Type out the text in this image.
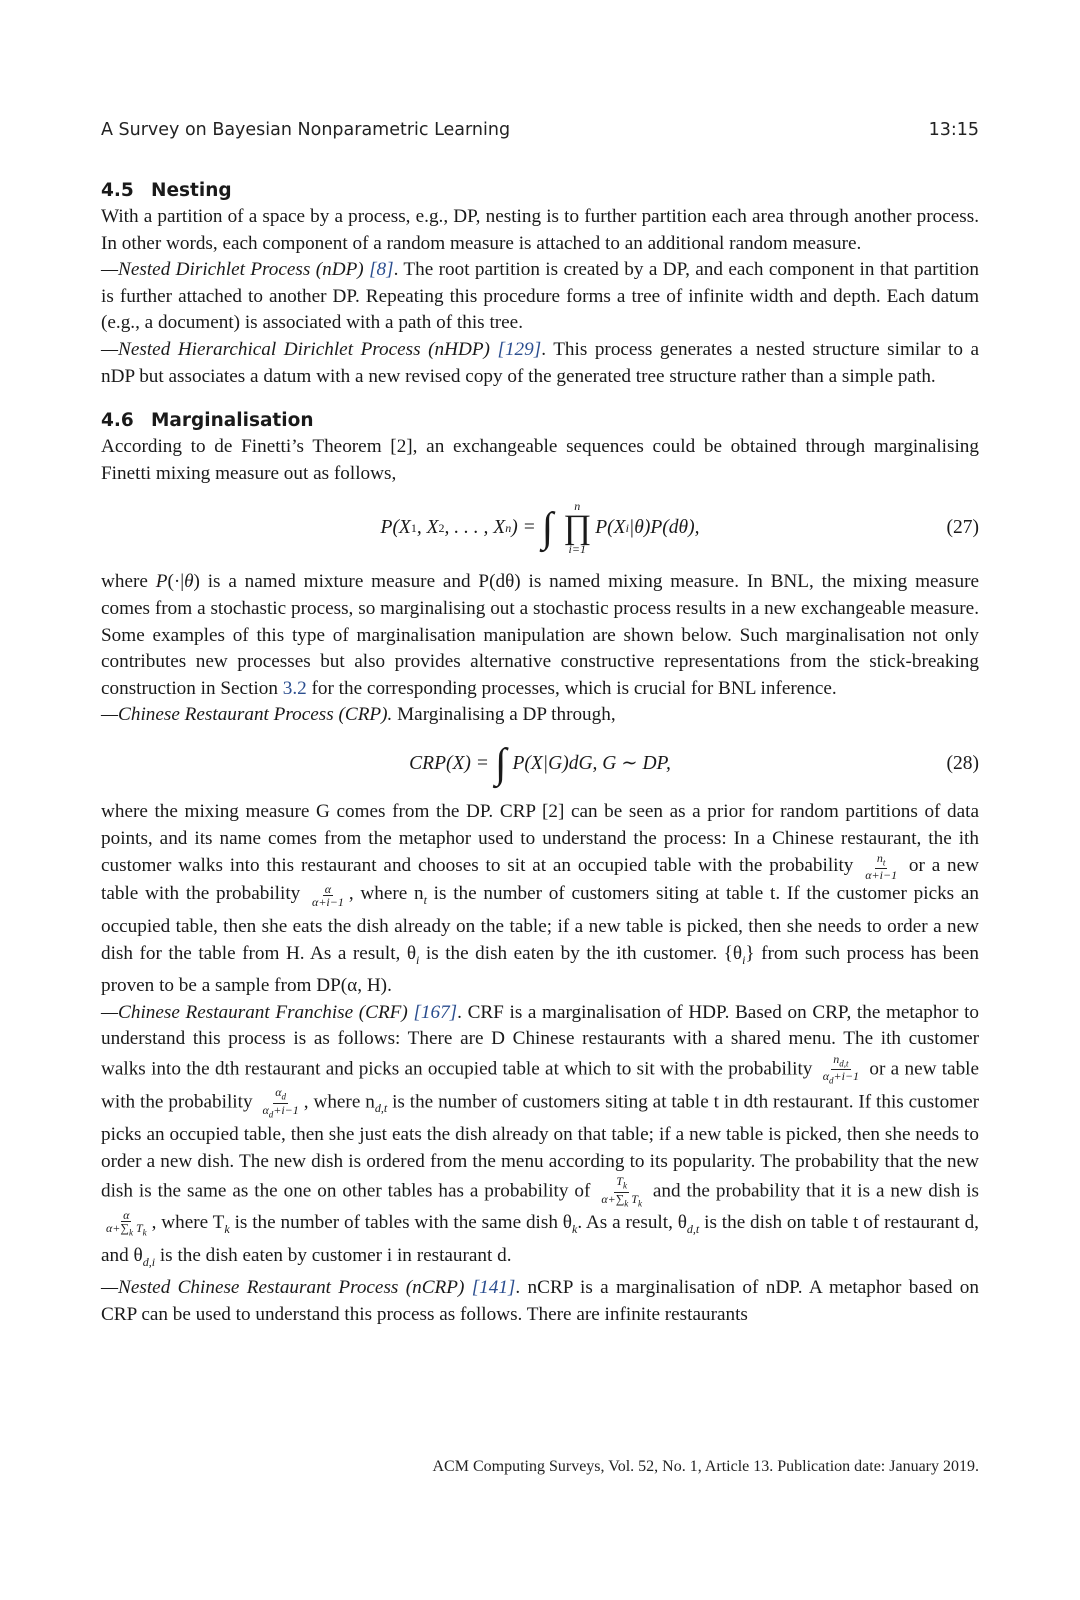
A Survey on Bayesian Nonparametric Learning	13:15
4.5 Nesting

With a partition of a space by a process, e.g., DP, nesting is to further partition each area through another process. In other words, each component of a random measure is attached to an additional random measure.

—Nested Dirichlet Process (nDP) [8]. The root partition is created by a DP, and each component in that partition is further attached to another DP. Repeating this procedure forms a tree of infinite width and depth. Each datum (e.g., a document) is associated with a path of this tree.

—Nested Hierarchical Dirichlet Process (nHDP) [129]. This process generates a nested structure similar to a nDP but associates a datum with a new revised copy of the generated tree structure rather than a simple path.

4.6 Marginalisation

According to de Finetti’s Theorem [2], an exchangeable sequences could be obtained through marginalising Finetti mixing measure out as follows,

P(X 1 , X 2 , . . . , X n ) = ∫ n
∏
i=1
P(X i |θ)P(dθ),	(27)

where P(·|θ) is a named mixture measure and P(dθ) is named mixing measure. In BNL, the mixing measure comes from a stochastic process, so marginalising out a stochastic process results in a new exchangeable measure. Some examples of this type of marginalisation manipulation are shown below. Such marginalisation not only contributes new processes but also provides alternative constructive representations from the stick-breaking construction in Section 3.2 for the corresponding processes, which is crucial for BNL inference.

—Chinese Restaurant Process (CRP). Marginalising a DP through,

CRP(X) = ∫ P(X|G)dG, G ∼ DP,	(28)

where the mixing measure G comes from the DP. CRP [2] can be seen as a prior for random partitions of data points, and its name comes from the metaphor used to understand the process: In a Chinese restaurant, the ith customer walks into this restaurant and chooses to sit at an occupied table with the probability $\frac{n_t}{\alpha+i-1}$ or a new table with the probability $\frac{\alpha}{\alpha+i-1}$ , where $n_t$ is the number of customers siting at table t. If the customer picks an occupied table, then she eats the dish already on the table; if a new table is picked, then she needs to order a new dish for the table from H. As a result, $\theta_i$ is the dish eaten by the ith customer. $\{\theta_i\}$ from such process has been proven to be a sample from DP(α, H).

—Chinese Restaurant Franchise (CRF) [167]. CRF is a marginalisation of HDP. Based on CRP, the metaphor to understand this process is as follows: There are D Chinese restaurants with a shared menu. The ith customer walks into the dth restaurant and picks an occupied table at which to sit with the probability $\frac{n_{d,t}}{\alpha_d+i-1}$ or a new table with the probability $\frac{\alpha_d}{\alpha_d+i-1}$ , where $n_{d,t}$ is the number of customers siting at table t in dth restaurant. If this customer picks an occupied table, then she just eats the dish already on that table; if a new table is picked, then she needs to order a new dish. The new dish is ordered from the menu according to its popularity. The probability that the new dish is the same as the one on other tables has a probability of $\frac{T_k}{\alpha+\sum_k T_k}$ and the probability that it is a new dish is
$\frac{\alpha}{\alpha+\sum_k T_k}$ , where $T_k$ is the number of tables with the same dish $\theta_k$. As a result, $\theta_{d,t}$ is the dish on table t of restaurant d, and $\theta_{d,i}$ is the dish eaten by customer i in restaurant d.

—Nested Chinese Restaurant Process (nCRP) [141]. nCRP is a marginalisation of nDP. A metaphor based on CRP can be used to understand this process as follows. There are infinite restaurants

ACM Computing Surveys, Vol. 52, No. 1, Article 13. Publication date: January 2019.
